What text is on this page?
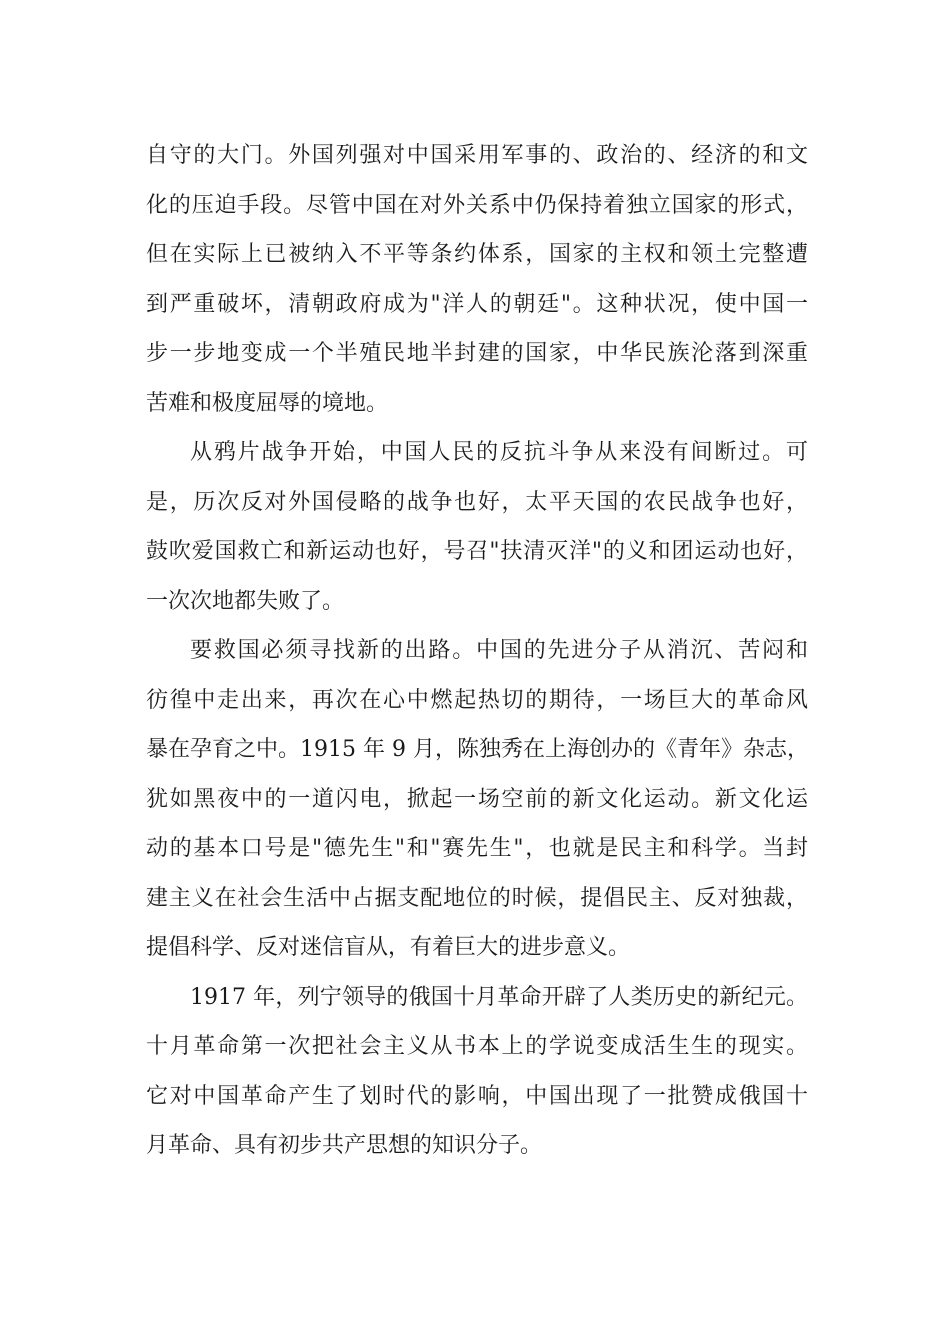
自守的大门。外国列强对中国采用军事的、政治的、经济的和文
化的压迫手段。尽管中国在对外关系中仍保持着独立国家的形式，
但在实际上已被纳入不平等条约体系，国家的主权和领土完整遭
到严重破坏，清朝政府成为"洋人的朝廷"。这种状况，使中国一
步一步地变成一个半殖民地半封建的国家，中华民族沦落到深重
苦难和极度屈辱的境地。
从鸦片战争开始，中国人民的反抗斗争从来没有间断过。可
是，历次反对外国侵略的战争也好，太平天国的农民战争也好，
鼓吹爱国救亡和新运动也好，号召"扶清灭洋"的义和团运动也好，
一次次地都失败了。
要救国必须寻找新的出路。中国的先进分子从消沉、苦闷和
彷徨中走出来，再次在心中燃起热切的期待，一场巨大的革命风
暴在孕育之中。1915 年 9 月，陈独秀在上海创办的《青年》杂志，
犹如黑夜中的一道闪电，掀起一场空前的新文化运动。新文化运
动的基本口号是"德先生"和"赛先生"，也就是民主和科学。当封
建主义在社会生活中占据支配地位的时候，提倡民主、反对独裁，
提倡科学、反对迷信盲从，有着巨大的进步意义。
1917 年，列宁领导的俄国十月革命开辟了人类历史的新纪元。
十月革命第一次把社会主义从书本上的学说变成活生生的现实。
它对中国革命产生了划时代的影响，中国出现了一批赞成俄国十
月革命、具有初步共产思想的知识分子。
